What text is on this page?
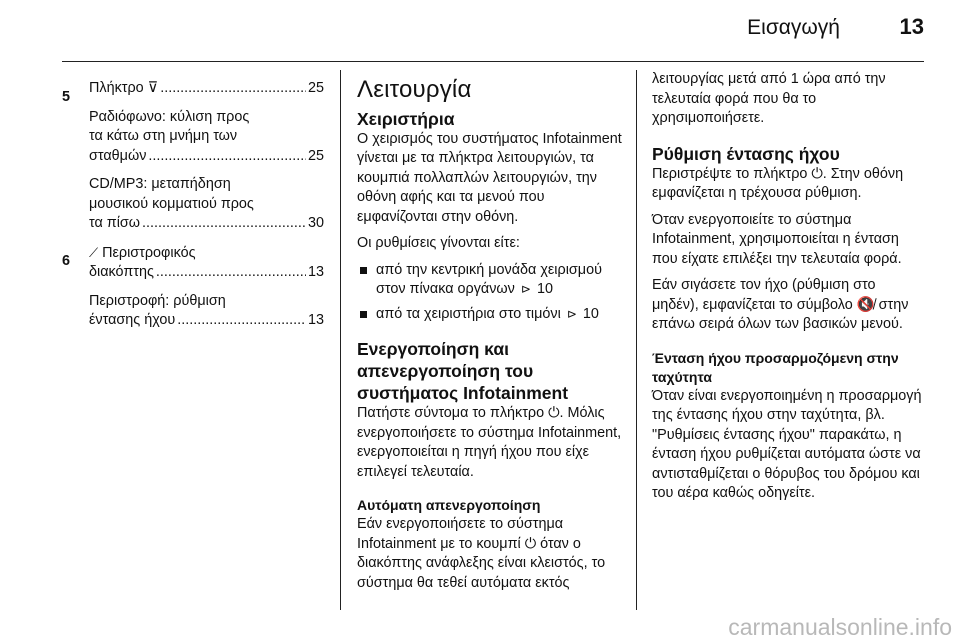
Εισαγωγή	13
5
Πλήκτρο ⊽ . . .	25
Ραδιόφωνο: κύλιση προς
τα κάτω στη μνήμη των
σταθμών . . .	25
CD/MP3: μεταπήδηση
μουσικού κομματιού προς
τα πίσω . . .	30
6
⟋ Περιστροφικός
διακόπτης . . .	13
Περιστροφή: ρύθμιση
έντασης ήχου . . .	13
Λειτουργία
Χειριστήρια

Ο χειρισμός του συστήματος Infotainment γίνεται με τα πλήκτρα λειτουργιών, τα κουμπιά πολλαπλών λειτουργιών, την οθόνη αφής και τα μενού που εμφανίζονται στην οθόνη.

Οι ρυθμίσεις γίνονται είτε:

από την κεντρική μονάδα χειρισμού στον πίνακα οργάνων ⊳ 10
από τα χειριστήρια στο τιμόνι ⊳ 10
Ενεργοποίηση και απενεργοποίηση του συστήματος Infotainment

Πατήστε σύντομα το πλήκτρο ⏻. Μόλις ενεργοποιήσετε το σύστημα Infotainment, ενεργοποιείται η πηγή ήχου που είχε επιλεγεί τελευταία.

Αυτόματη απενεργοποίηση

Εάν ενεργοποιήσετε το σύστημα Infotainment με το κουμπί ⏻ όταν ο διακόπτης ανάφλεξης είναι κλειστός, το σύστημα θα τεθεί αυτόματα εκτός

λειτουργίας μετά από 1 ώρα από την τελευταία φορά που θα το χρησιμοποιήσετε.

Ρύθμιση έντασης ήχου

Περιστρέψτε το πλήκτρο ⏻. Στην οθόνη εμφανίζεται η τρέχουσα ρύθμιση.

Όταν ενεργοποιείτε το σύστημα Infotainment, χρησιμοποιείται η ένταση που είχατε επιλέξει την τελευταία φορά.

Εάν σιγάσετε τον ήχο (ρύθμιση στο μηδέν), εμφανίζεται το σύμβολο 🔇̸ στην επάνω σειρά όλων των βασικών μενού.

Ένταση ήχου προσαρμοζόμενη στην ταχύτητα

Όταν είναι ενεργοποιημένη η προσαρμογή της έντασης ήχου στην ταχύτητα, βλ. "Ρυθμίσεις έντασης ήχου" παρακάτω, η ένταση ήχου ρυθμίζεται αυτόματα ώστε να αντισταθμίζεται ο θόρυβος του δρόμου και του αέρα καθώς οδηγείτε.

carmanualsonline.info
